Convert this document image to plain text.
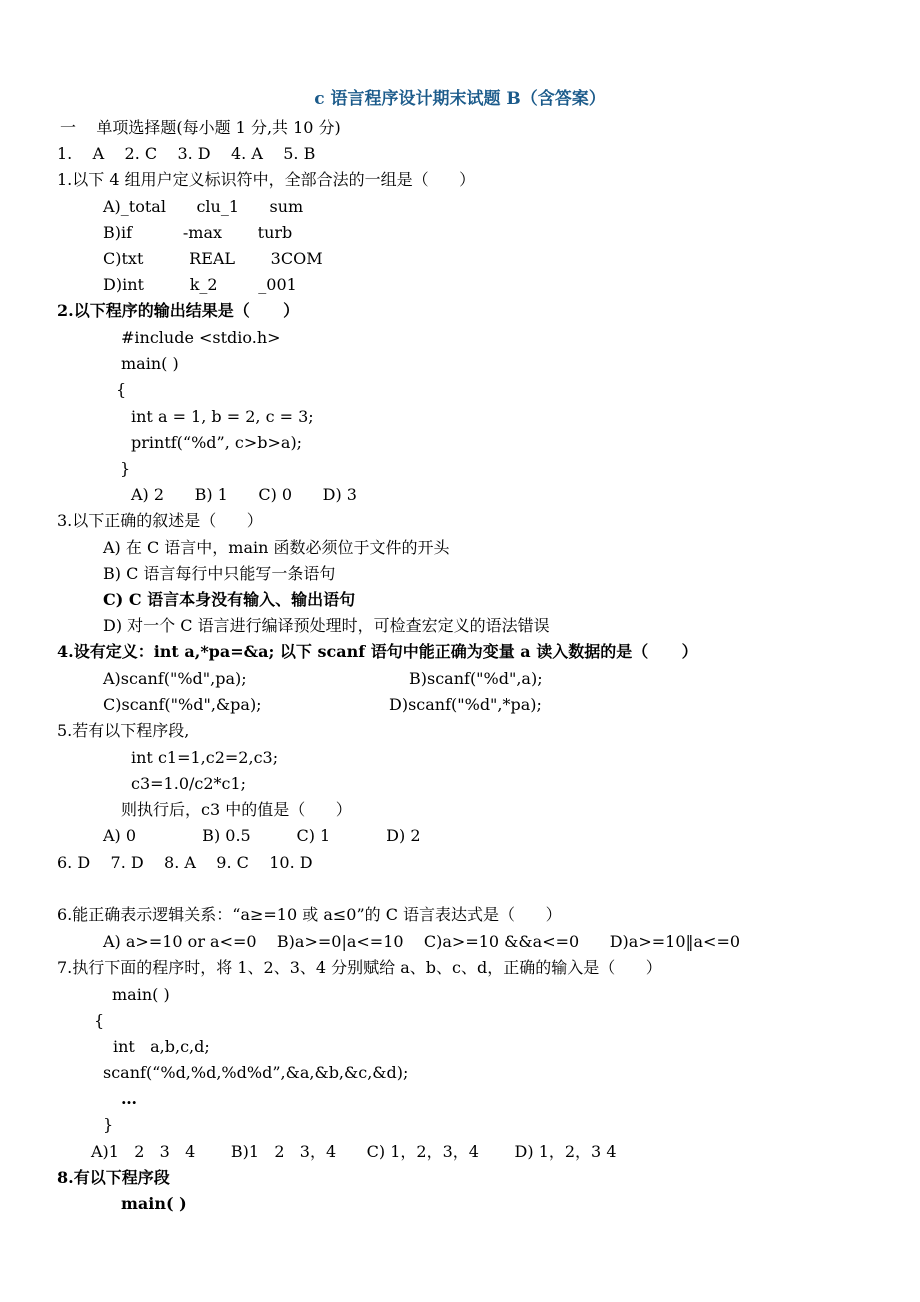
c 语言程序设计期末试题 B（含答案）
一    单项选择题(每小题 1 分,共 10 分)
1.    A    2. C    3. D    4. A    5. B
1.以下 4 组用户定义标识符中，全部合法的一组是（      ）
A)_total      clu_1      sum
B)if          -max       turb
C)txt         REAL       3COM
D)int         k_2        _001
2.以下程序的输出结果是（      ）
#include <stdio.h>
main( )
{
int a = 1, b = 2, c = 3;
printf(“%d”, c>b>a);
}
A) 2      B) 1      C) 0      D) 3
3.以下正确的叙述是（      ）
A) 在 C 语言中，main 函数必须位于文件的开头
B) C 语言每行中只能写一条语句
C) C 语言本身没有输入、输出语句
D) 对一个 C 语言进行编译预处理时，可检查宏定义的语法错误
4.设有定义：int a,*pa=&a; 以下 scanf 语句中能正确为变量 a 读入数据的是（      ）
A)scanf("%d",pa);	B)scanf("%d",a);
C)scanf("%d",&pa);	D)scanf("%d",*pa);
5.若有以下程序段,
int c1=1,c2=2,c3;
c3=1.0/c2*c1;
则执行后，c3 中的值是（      ）
A) 0             B) 0.5         C) 1           D) 2
6. D    7. D    8. A    9. C    10. D
6.能正确表示逻辑关系：“a≥=10 或 a≤0”的 C 语言表达式是（      ）
A) a>=10 or a<=0    B)a>=0|a<=10    C)a>=10 &&a<=0      D)a>=10‖a<=0
7.执行下面的程序时，将 1、2、3、4 分别赋给 a、b、c、d，正确的输入是（      ）
main( )
{
int   a,b,c,d;
scanf(“%d,%d,%d%d”,&a,&b,&c,&d);
…
}
A)1   2   3   4       B)1   2   3，4      C) 1，2，3，4       D) 1，2，3 4
8.有以下程序段
main( )
